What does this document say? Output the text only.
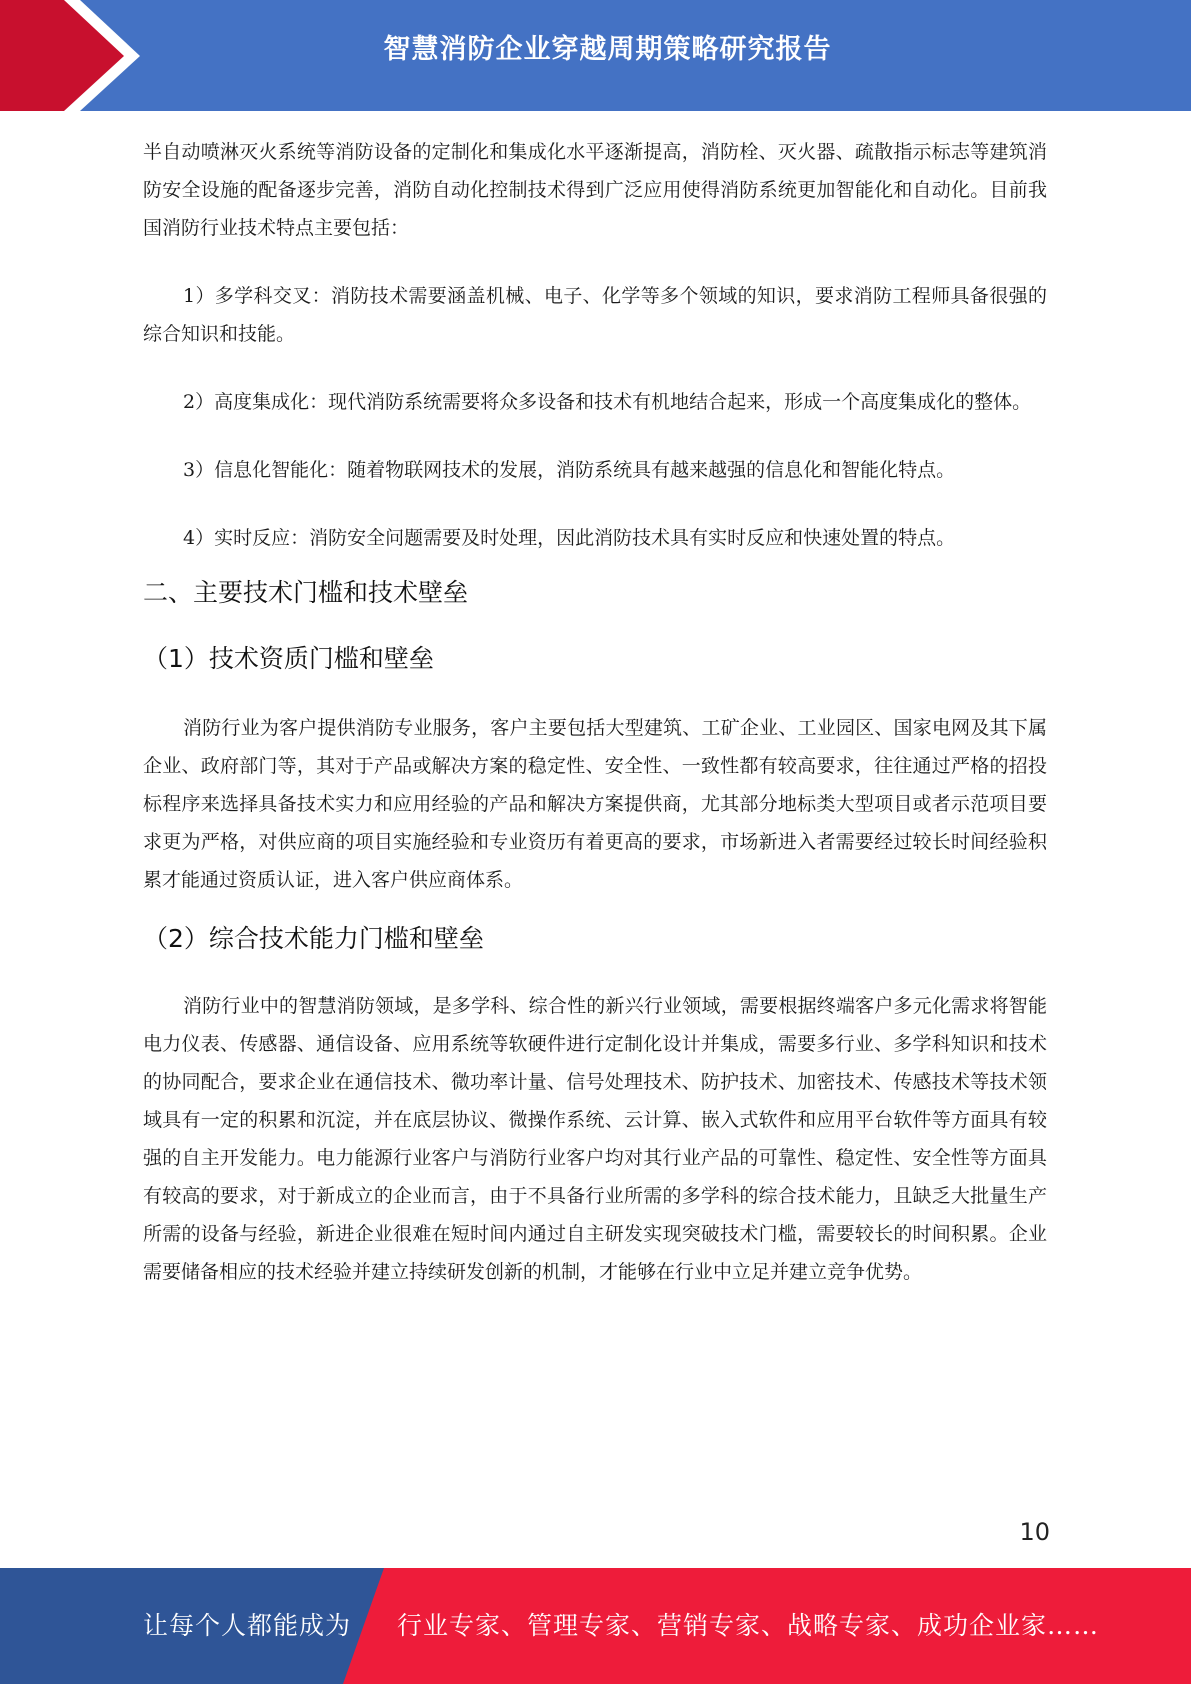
智慧消防企业穿越周期策略研究报告

半自动喷淋灭火系统等消防设备的定制化和集成化水平逐渐提高，消防栓、灭火器、疏散指示标志等建筑消防安全设施的配备逐步完善，消防自动化控制技术得到广泛应用使得消防系统更加智能化和自动化。目前我国消防行业技术特点主要包括：

1）多学科交叉：消防技术需要涵盖机械、电子、化学等多个领域的知识，要求消防工程师具备很强的综合知识和技能。

2）高度集成化：现代消防系统需要将众多设备和技术有机地结合起来，形成一个高度集成化的整体。

3）信息化智能化：随着物联网技术的发展，消防系统具有越来越强的信息化和智能化特点。

4）实时反应：消防安全问题需要及时处理，因此消防技术具有实时反应和快速处置的特点。

二、主要技术门槛和技术壁垒
（1）技术资质门槛和壁垒

消防行业为客户提供消防专业服务，客户主要包括大型建筑、工矿企业、工业园区、国家电网及其下属企业、政府部门等，其对于产品或解决方案的稳定性、安全性、一致性都有较高要求，往往通过严格的招投标程序来选择具备技术实力和应用经验的产品和解决方案提供商，尤其部分地标类大型项目或者示范项目要求更为严格，对供应商的项目实施经验和专业资历有着更高的要求，市场新进入者需要经过较长时间经验积累才能通过资质认证，进入客户供应商体系。

（2）综合技术能力门槛和壁垒

消防行业中的智慧消防领域，是多学科、综合性的新兴行业领域，需要根据终端客户多元化需求将智能电力仪表、传感器、通信设备、应用系统等软硬件进行定制化设计并集成，需要多行业、多学科知识和技术的协同配合，要求企业在通信技术、微功率计量、信号处理技术、防护技术、加密技术、传感技术等技术领域具有一定的积累和沉淀，并在底层协议、微操作系统、云计算、嵌入式软件和应用平台软件等方面具有较强的自主开发能力。电力能源行业客户与消防行业客户均对其行业产品的可靠性、稳定性、安全性等方面具有较高的要求，对于新成立的企业而言，由于不具备行业所需的多学科的综合技术能力，且缺乏大批量生产所需的设备与经验，新进企业很难在短时间内通过自主研发实现突破技术门槛，需要较长的时间积累。企业需要储备相应的技术经验并建立持续研发创新的机制，才能够在行业中立足并建立竞争优势。

10
让每个人都能成为 行业专家、管理专家、营销专家、战略专家、成功企业家……
